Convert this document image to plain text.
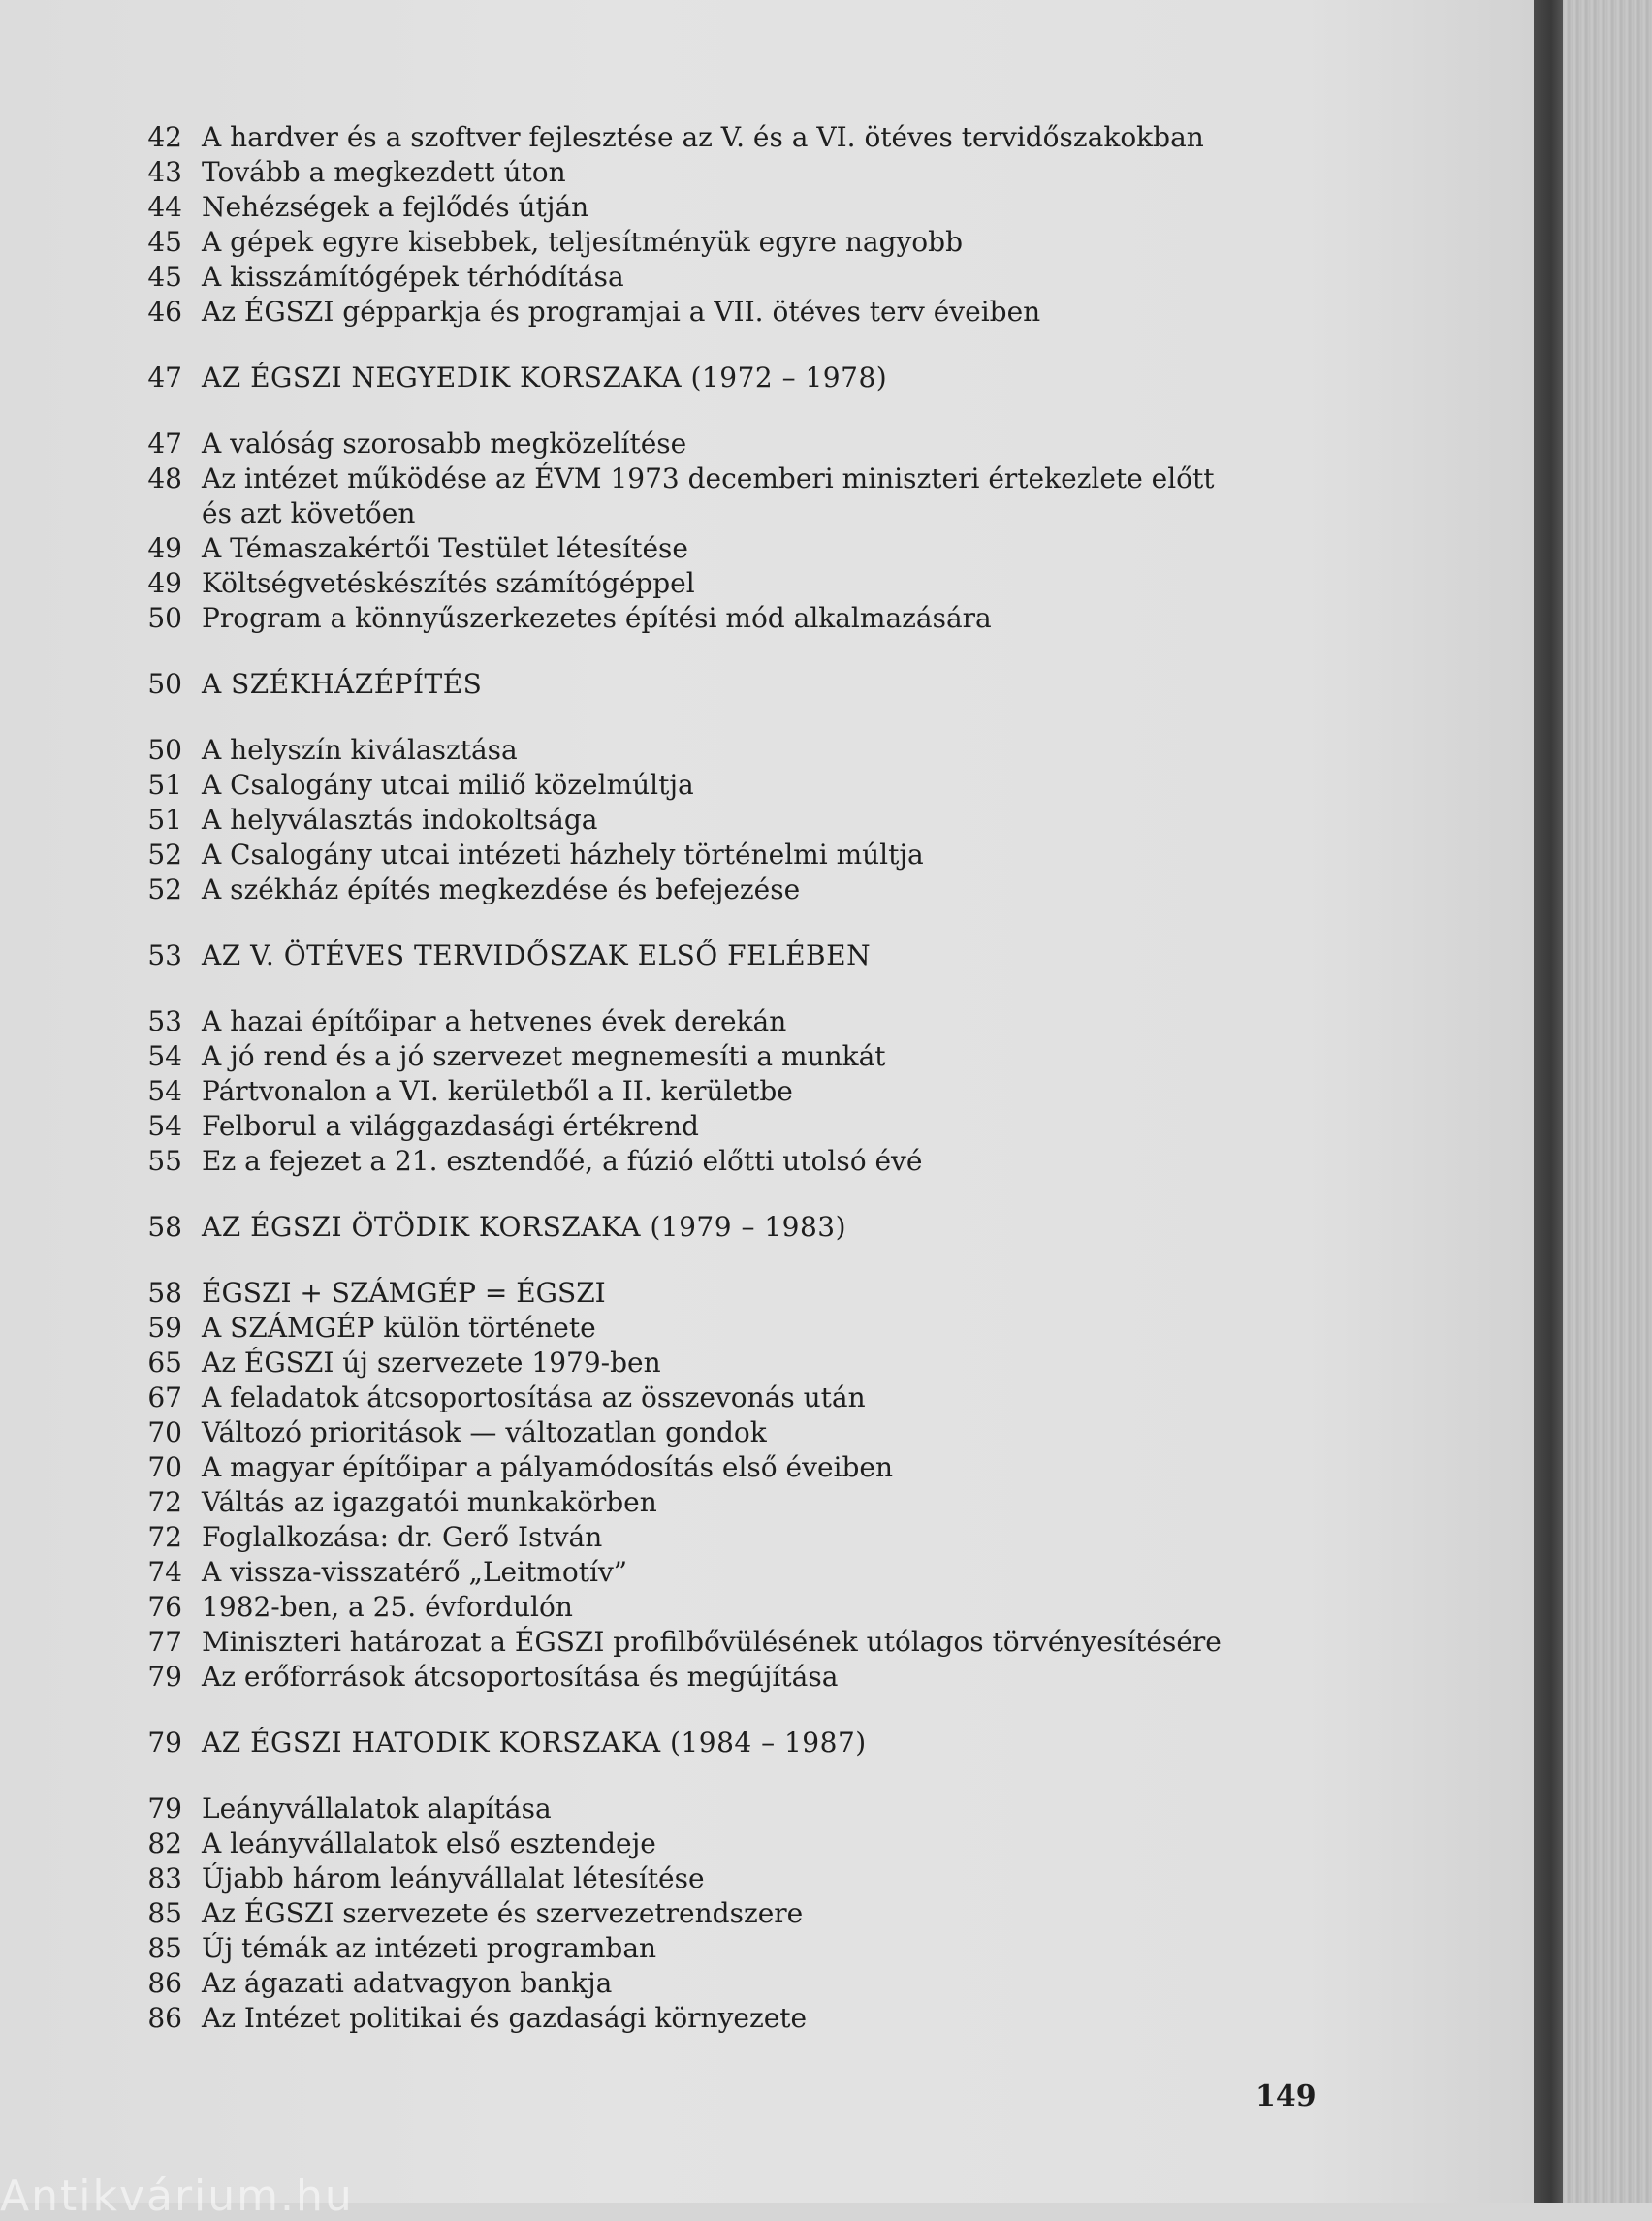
42 A hardver és a szoftver fejlesztése az V. és a VI. ötéves tervidőszakokban
43 Tovább a megkezdett úton
44 Nehézségek a fejlődés útján
45 A gépek egyre kisebbek, teljesítményük egyre nagyobb
45 A kisszámítógépek térhódítása
46 Az ÉGSZI gépparkja és programjai a VII. ötéves terv éveiben
47 AZ ÉGSZI NEGYEDIK KORSZAKA (1972 – 1978)
47 A valóság szorosabb megközelítése
48 Az intézet működése az ÉVM 1973 decemberi miniszteri értekezlete előtt és azt követően
49 A Témaszakértői Testület létesítése
49 Költségvetéskészítés számítógéppel
50 Program a könnyűszerkezetes építési mód alkalmazására
50 A SZÉKHÁZÉPÍTÉS
50 A helyszín kiválasztása
51 A Csalogány utcai miliő közelmúltja
51 A helyválasztás indokoltsága
52 A Csalogány utcai intézeti házhely történelmi múltja
52 A székház építés megkezdése és befejezése
53 AZ V. ÖTÉVES TERVIDŐSZAK ELSŐ FELÉBEN
53 A hazai építőipar a hetvenes évek derekán
54 A jó rend és a jó szervezet megnemesíti a munkát
54 Pártvonalon a VI. kerületből a II. kerületbe
54 Felborul a világgazdasági értékrend
55 Ez a fejezet a 21. esztendőé, a fúzió előtti utolsó évé
58 AZ ÉGSZI ÖTÖDIK KORSZAKA (1979 – 1983)
58 ÉGSZI + SZÁMGÉP = ÉGSZI
59 A SZÁMGÉP külön története
65 Az ÉGSZI új szervezete 1979-ben
67 A feladatok átcsoportosítása az összevonás után
70 Változó prioritások — változatlan gondok
70 A magyar építőipar a pályamódosítás első éveiben
72 Váltás az igazgatói munkakörben
72 Foglalkozása: dr. Gerő István
74 A vissza-visszatérő „Leitmotív”
76 1982-ben, a 25. évfordulón
77 Miniszteri határozat a ÉGSZI profilbővülésének utólagos törvényesítésére
79 Az erőforrások átcsoportosítása és megújítása
79 AZ ÉGSZI HATODIK KORSZAKA (1984 – 1987)
79 Leányvállalatok alapítása
82 A leányvállalatok első esztendeje
83 Újabb három leányvállalat létesítése
85 Az ÉGSZI szervezete és szervezetrendszere
85 Új témák az intézeti programban
86 Az ágazati adatvagyon bankja
86 Az Intézet politikai és gazdasági környezete
149
Antikvárium.hu
